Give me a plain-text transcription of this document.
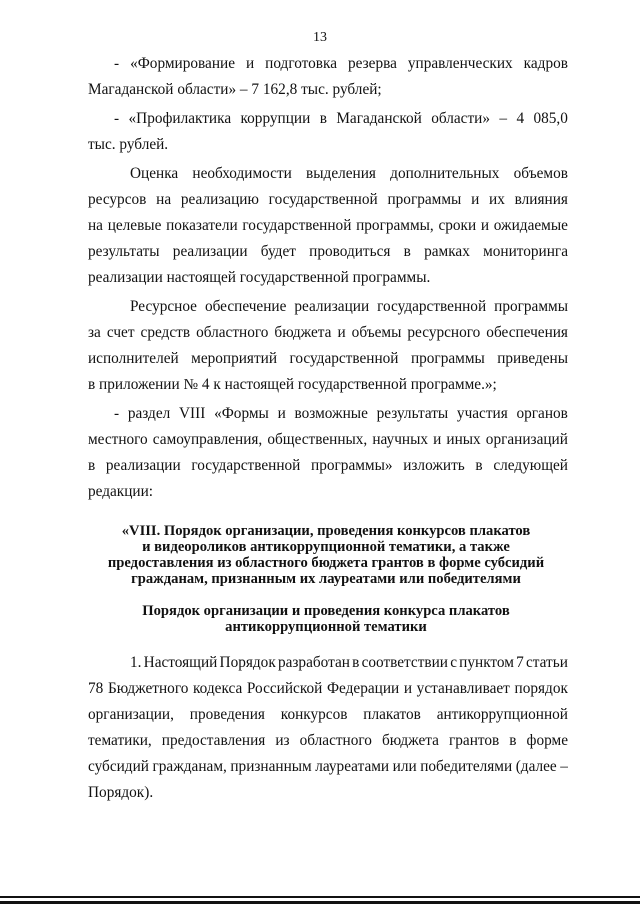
13
- «Формирование и подготовка резерва управленческих кадров
Магаданской области» – 7 162,8 тыс. рублей;
- «Профилактика коррупции в Магаданской области» – 4 085,0
тыс. рублей.
Оценка необходимости выделения дополнительных объемов
ресурсов на реализацию государственной программы и их влияния
на целевые показатели государственной программы, сроки и ожидаемые
результаты реализации будет проводиться в рамках мониторинга
реализации настоящей государственной программы.
Ресурсное обеспечение реализации государственной программы
за счет средств областного бюджета и объемы ресурсного обеспечения
исполнителей мероприятий государственной программы приведены
в приложении № 4 к настоящей государственной программе.»;
- раздел VIII «Формы и возможные результаты участия органов
местного самоуправления, общественных, научных и иных организаций
в реализации государственной программы» изложить в следующей
редакции:
«VIII. Порядок организации, проведения конкурсов плакатов
и видеороликов антикоррупционной тематики, а также
предоставления из областного бюджета грантов в форме субсидий
гражданам, признанным их лауреатами или победителями
Порядок организации и проведения конкурса плакатов
антикоррупционной тематики
1. Настоящий Порядок разработан в соответствии с пунктом 7 статьи
78 Бюджетного кодекса Российской Федерации и устанавливает порядок
организации, проведения конкурсов плакатов антикоррупционной
тематики, предоставления из областного бюджета грантов в форме
субсидий гражданам, признанным лауреатами или победителями (далее –
Порядок).
